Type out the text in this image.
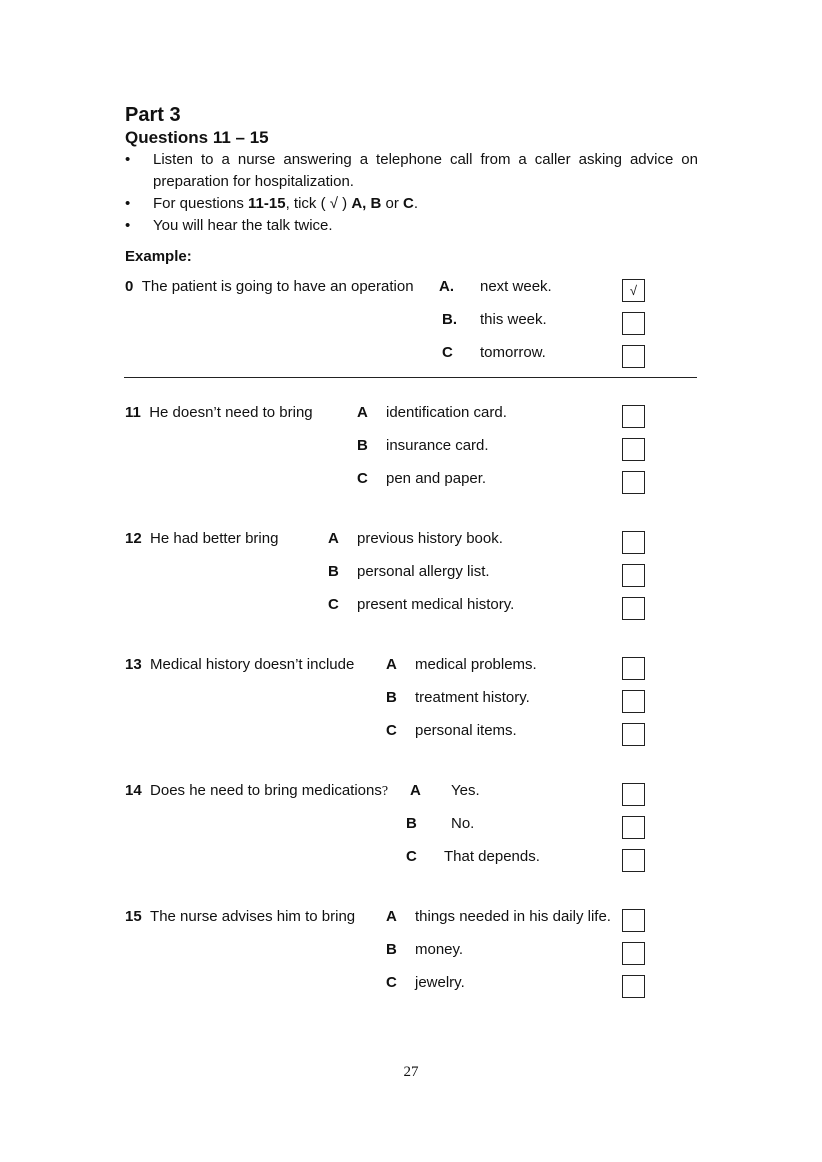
Part 3
Questions 11 – 15
• Listen to a nurse answering a telephone call from a caller asking advice on preparation for hospitalization.
• For questions 11-15, tick ( √ ) A, B or C.
• You will hear the talk twice.
Example:
0 The patient is going to have an operation A. next week.	√
B. this week.
C tomorrow.
11 He doesn’t need to bring	A identification card.
B insurance card.
C pen and paper.
12 He had better bring	A previous history book.
B personal allergy list.
C present medical history.
13 Medical history doesn’t include A medical problems.
B treatment history.
C personal items.
14 Does he need to bring medications? A Yes.
B No.
C That depends.
15 The nurse advises him to bring A things needed in his daily life.
B money.
C jewelry.
27
